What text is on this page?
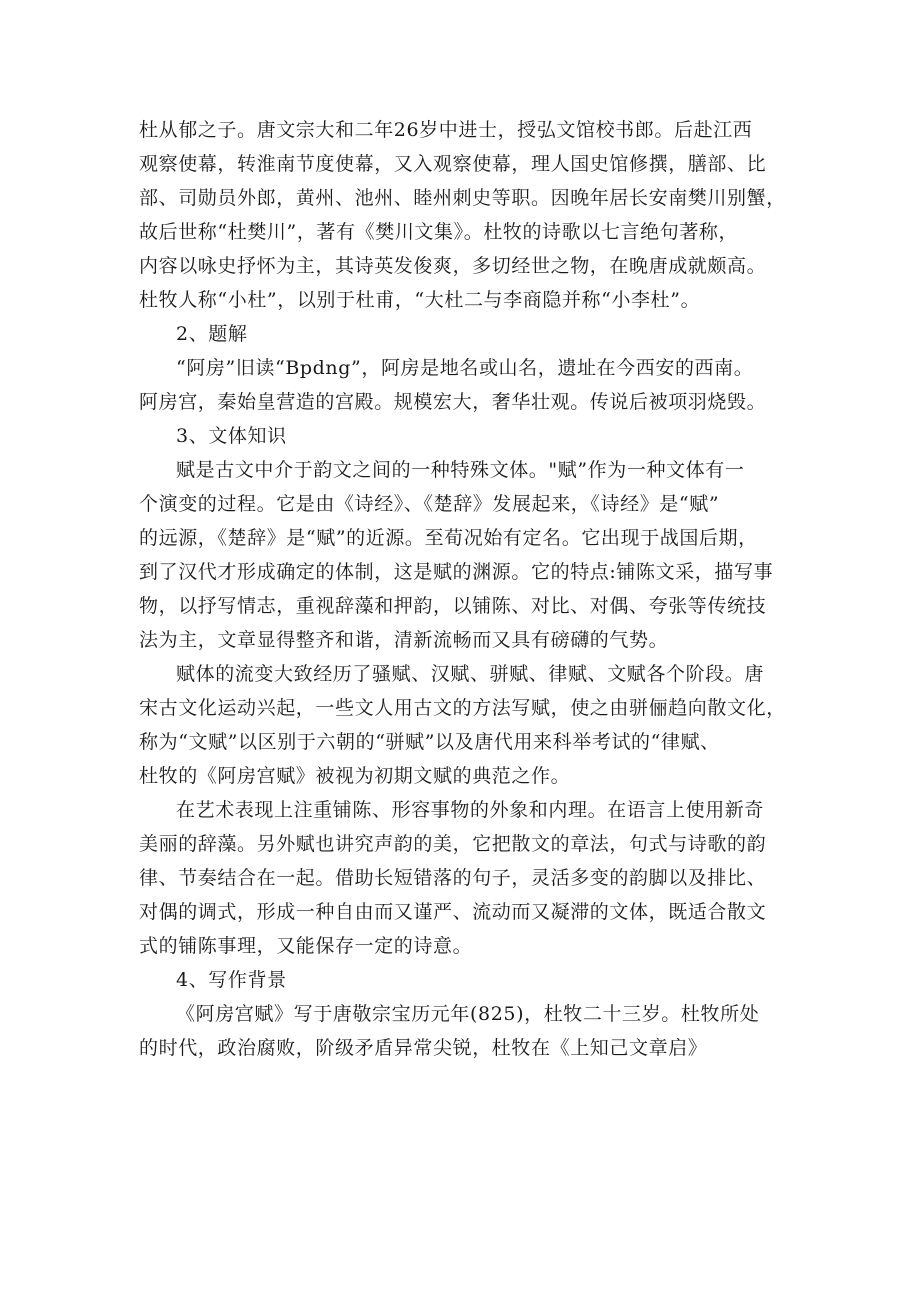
杜从郁之子。唐文宗大和二年26岁中进士，授弘文馆校书郎。后赴江西
观察使幕，转淮南节度使幕，又入观察使幕，理人国史馆修撰，膳部、比
部、司勋员外郎，黄州、池州、睦州刺史等职。因晚年居长安南樊川别蟹，
故后世称“杜樊川”，著有《樊川文集》。杜牧的诗歌以七言绝句著称，
内容以咏史抒怀为主，其诗英发俊爽，多切经世之物，在晚唐成就颇高。
杜牧人称“小杜”，以别于杜甫，“大杜二与李商隐并称“小李杜”。
2、题解
“阿房”旧读“Bpdng”，阿房是地名或山名，遗址在今西安的西南。
阿房宫，秦始皇营造的宫殿。规模宏大，奢华壮观。传说后被项羽烧毁。
3、文体知识
赋是古文中介于韵文之间的一种特殊文体。"赋”作为一种文体有一
个演变的过程。它是由《诗经》、《楚辞》发展起来，《诗经》是“赋”
的远源，《楚辞》是“赋”的近源。至荀况始有定名。它出现于战国后期，
到了汉代才形成确定的体制，这是赋的渊源。它的特点:铺陈文采，描写事
物，以抒写情志，重视辞藻和押韵，以铺陈、对比、对偶、夸张等传统技
法为主，文章显得整齐和谐，清新流畅而又具有磅礴的气势。
赋体的流变大致经历了骚赋、汉赋、骈赋、律赋、文赋各个阶段。唐
宋古文化运动兴起，一些文人用古文的方法写赋，使之由骈俪趋向散文化，
称为“文赋”以区别于六朝的“骈赋”以及唐代用来科举考试的“律赋、
杜牧的《阿房宫赋》被视为初期文赋的典范之作。
在艺术表现上注重铺陈、形容事物的外象和内理。在语言上使用新奇
美丽的辞藻。另外赋也讲究声韵的美，它把散文的章法，句式与诗歌的韵
律、节奏结合在一起。借助长短错落的句子，灵活多变的韵脚以及排比、
对偶的调式，形成一种自由而又谨严、流动而又凝滞的文体，既适合散文
式的铺陈事理，又能保存一定的诗意。
4、写作背景
《阿房宫赋》写于唐敬宗宝历元年(825)，杜牧二十三岁。杜牧所处
的时代，政治腐败，阶级矛盾异常尖锐，杜牧在《上知己文章启》
